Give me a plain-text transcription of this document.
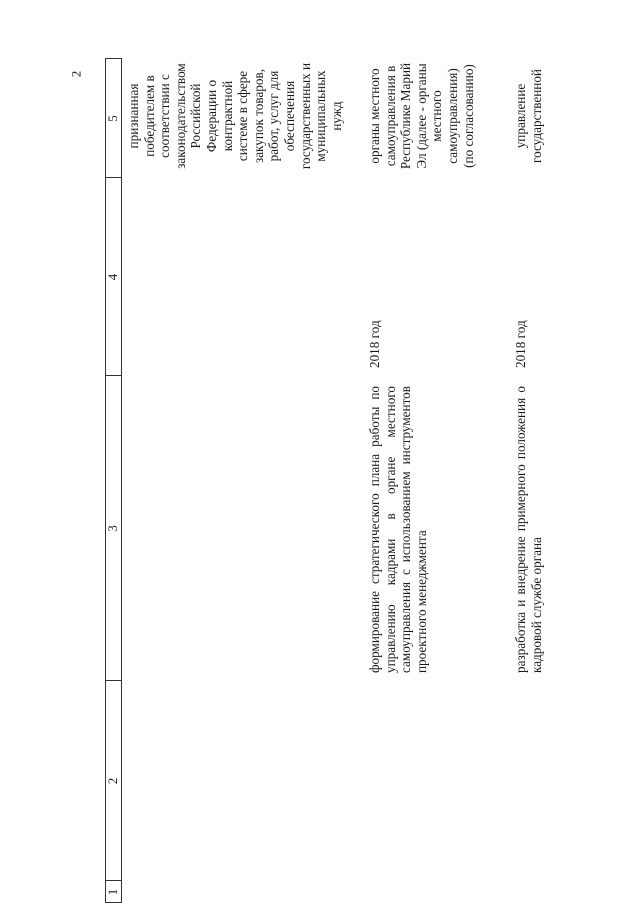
2
1
2
3
4
5 признанная победителем в соответствии с законодательством Российской Федерации о контрактной системе в сфере закупок товаров, работ, услуг для обеспечения государственных и муниципальных нужд
формирование стратегического плана работы по управлению кадрами в органе местного самоуправления с использованием инструментов проектного менеджмента
2018 год
органы местного самоуправления в Республике Марий Эл (далее - органы местного самоуправления) (по согласованию)
разработка и внедрение примерного положения о кадровой службе органа
2018 год
управление государственной
